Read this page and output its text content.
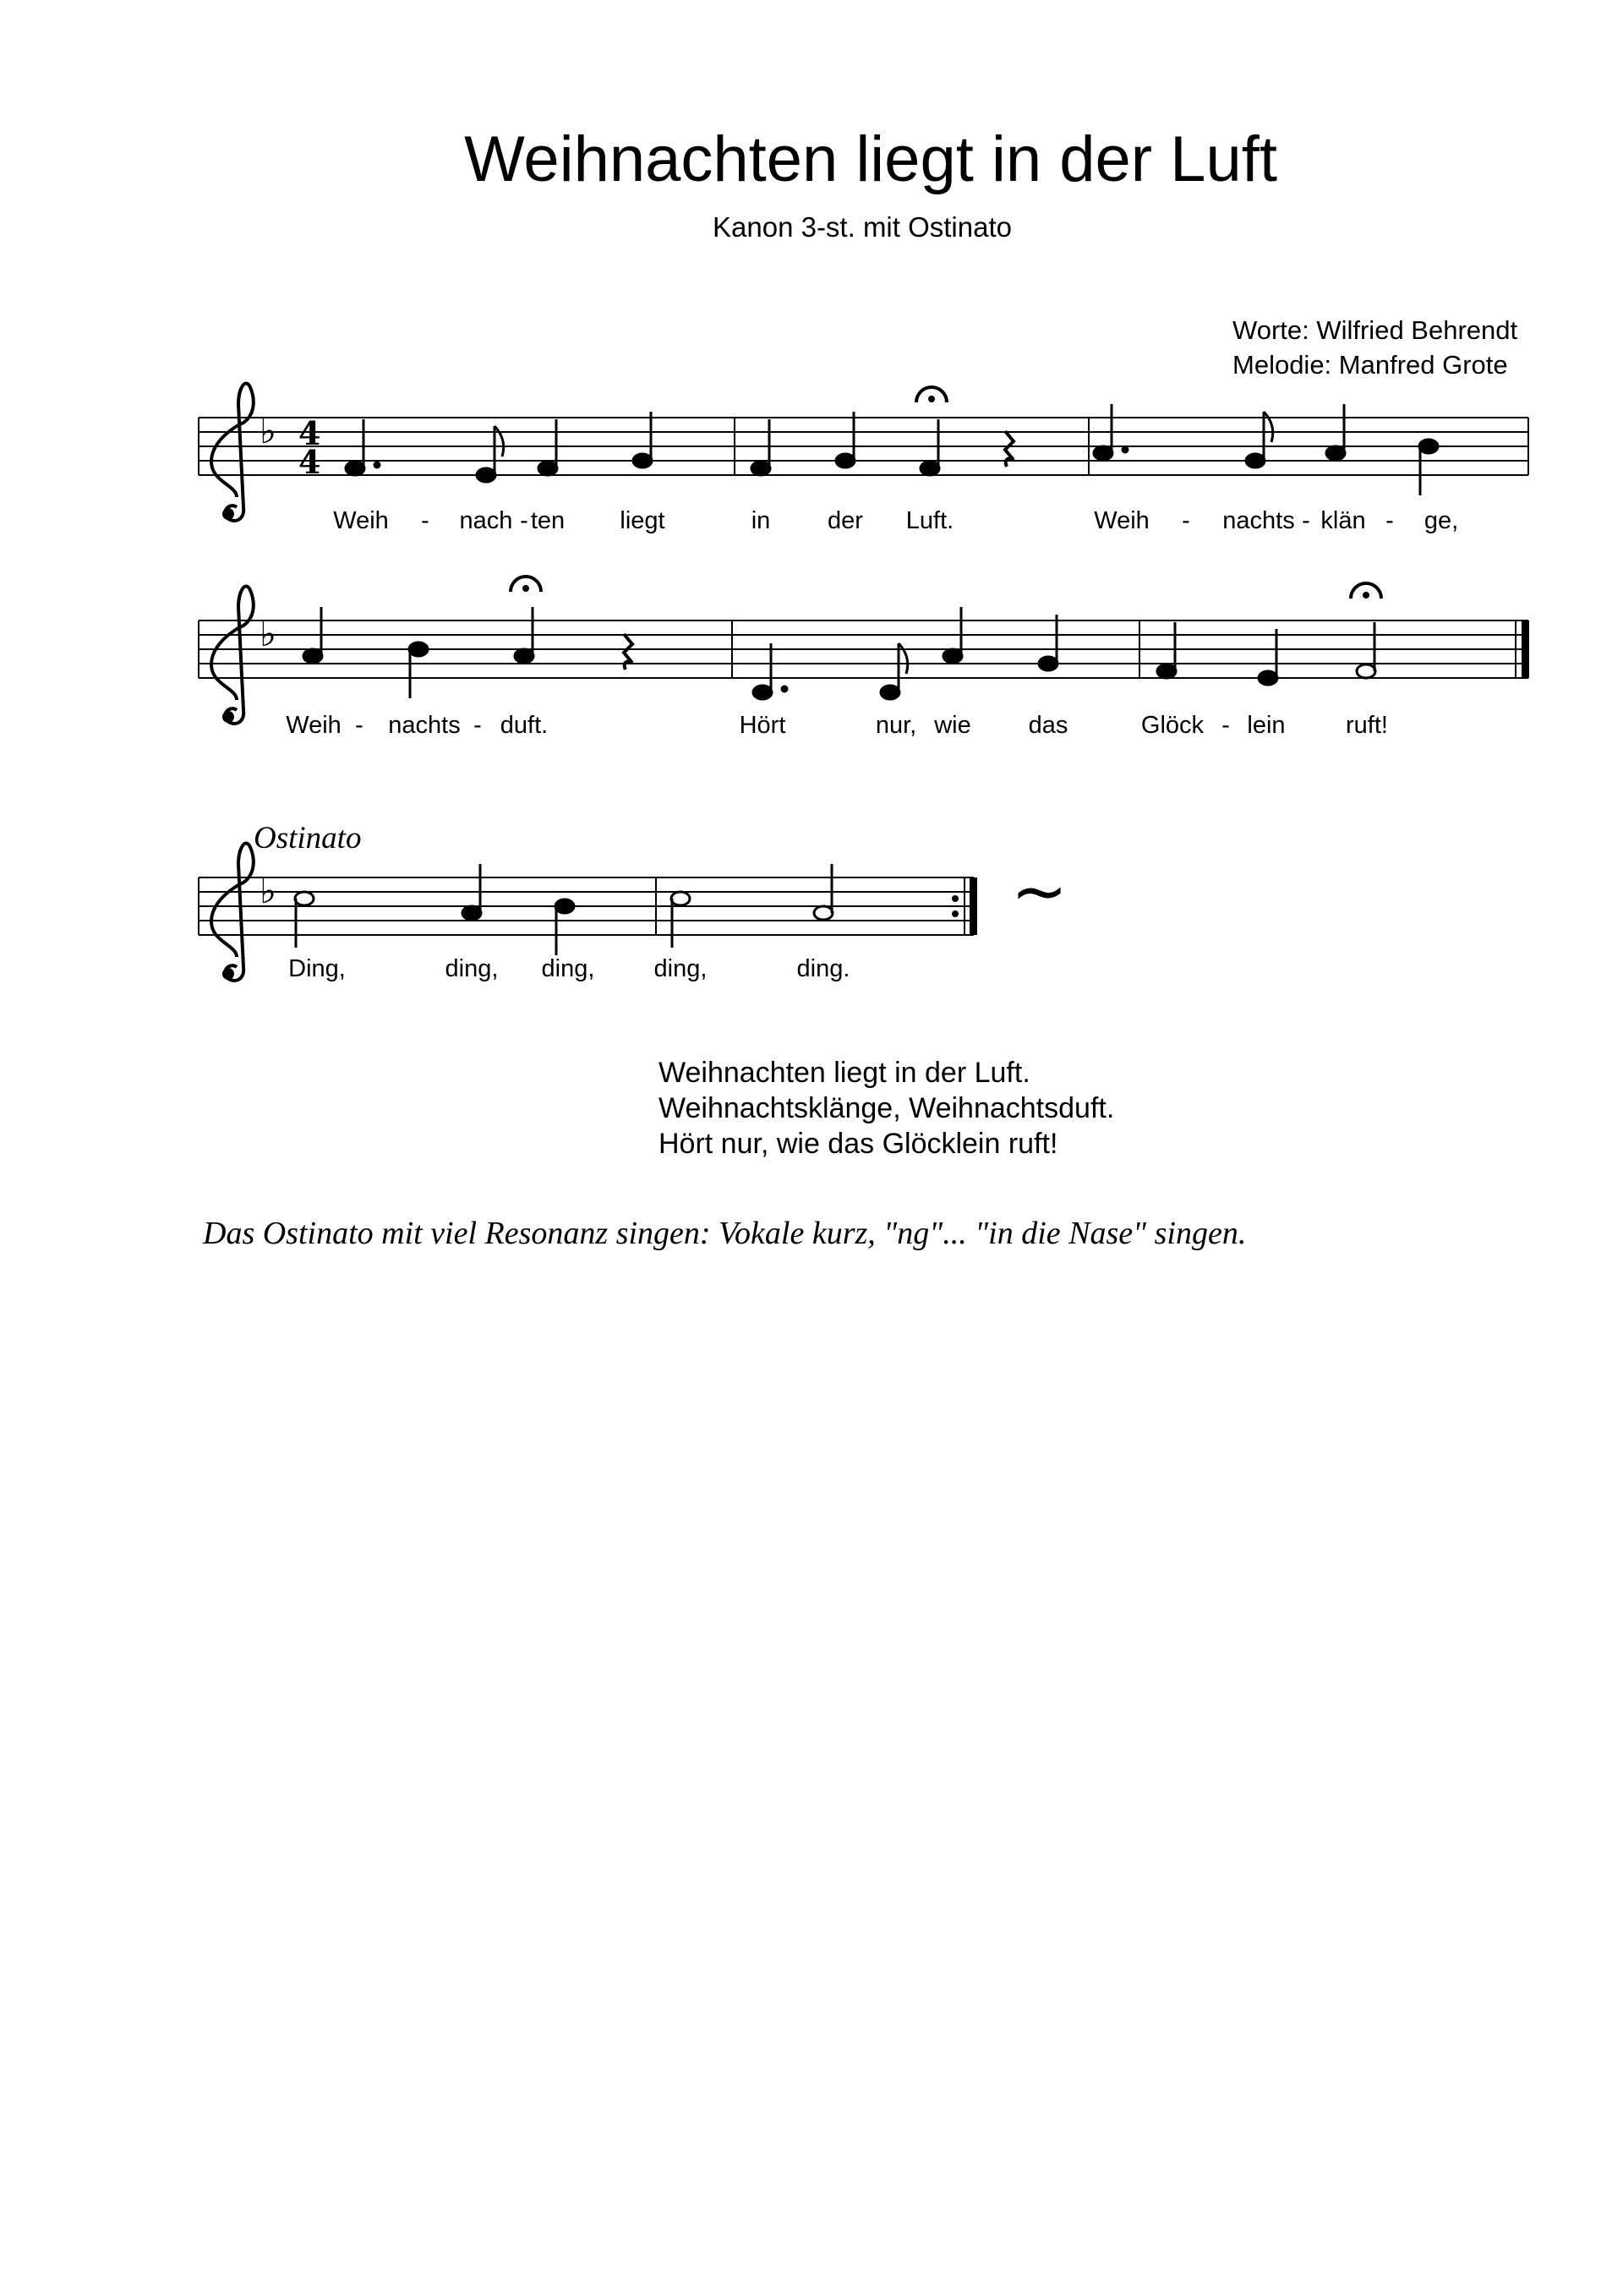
Weihnachten liegt in der Luft
Kanon 3-st. mit Ostinato
Worte: Wilfried Behrendt
Melodie: Manfred Grote
♭ 4
4
♭
♭
Weih - nach - ten liegt	in der Luft.	Weih - nachts - klän - ge,
Weih - nachts - duft.	Hört	nur, wie das	Glöck - lein ruft!
Ostinato
Ding,	ding, ding, ding,	ding.
~
Weihnachten liegt in der Luft.
Weihnachtsklänge, Weihnachtsduft.
Hört nur, wie das Glöcklein ruft!
Das Ostinato mit viel Resonanz singen: Vokale kurz, "ng"... "in die Nase" singen.
